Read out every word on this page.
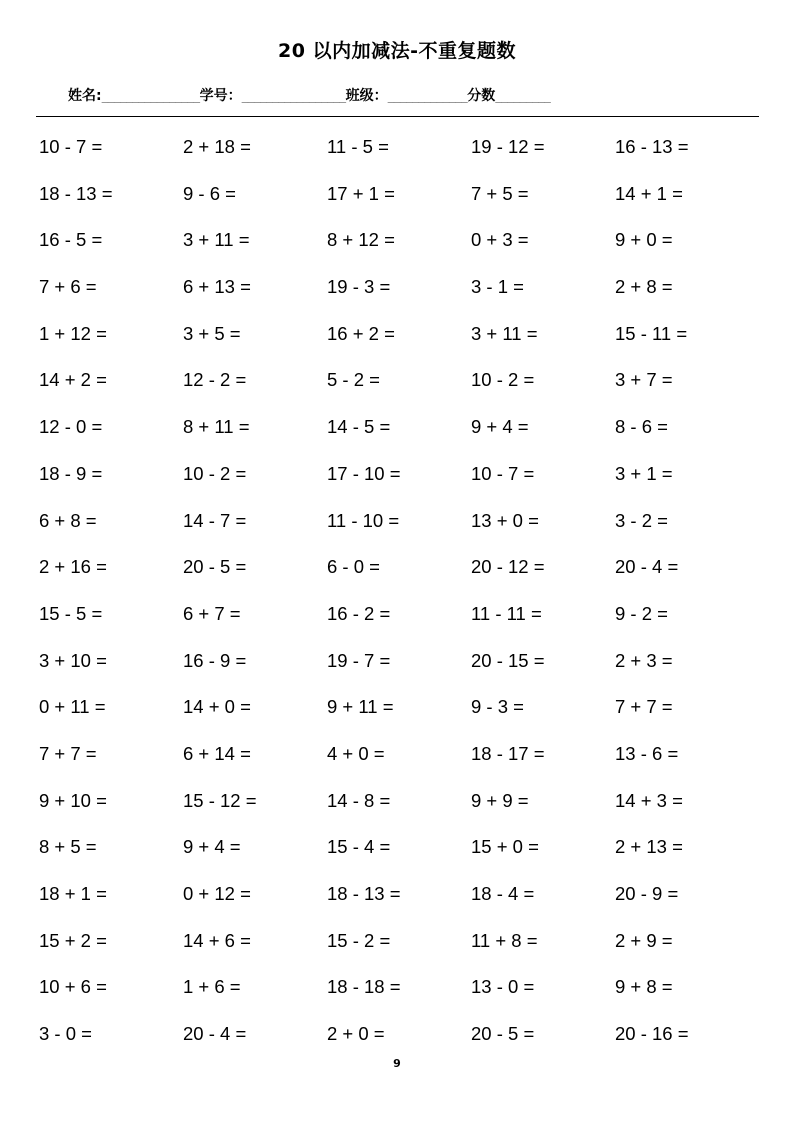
20 以内加减法-不重复题数
姓名:________________学号：_________________班级：_____________分数_________
10 - 7 =	2 + 18 =	11 - 5 =	19 - 12 =	16 - 13 =
18 - 13 =	9 - 6 =	17 + 1 =	7 + 5 =	14 + 1 =
16 - 5 =	3 + 11 =	8 + 12 =	0 + 3 =	9 + 0 =
7 + 6 =	6 + 13 =	19 - 3 =	3 - 1 =	2 + 8 =
1 + 12 =	3 + 5 =	16 + 2 =	3 + 11 =	15 - 11 =
14 + 2 =	12 - 2 =	5 - 2 =	10 - 2 =	3 + 7 =
12 - 0 =	8 + 11 =	14 - 5 =	9 + 4 =	8 - 6 =
18 - 9 =	10 - 2 =	17 - 10 =	10 - 7 =	3 + 1 =
6 + 8 =	14 - 7 =	11 - 10 =	13 + 0 =	3 - 2 =
2 + 16 =	20 - 5 =	6 - 0 =	20 - 12 =	20 - 4 =
15 - 5 =	6 + 7 =	16 - 2 =	11 - 11 =	9 - 2 =
3 + 10 =	16 - 9 =	19 - 7 =	20 - 15 =	2 + 3 =
0 + 11 =	14 + 0 =	9 + 11 =	9 - 3 =	7 + 7 =
7 + 7 =	6 + 14 =	4 + 0 =	18 - 17 =	13 - 6 =
9 + 10 =	15 - 12 =	14 - 8 =	9 + 9 =	14 + 3 =
8 + 5 =	9 + 4 =	15 - 4 =	15 + 0 =	2 + 13 =
18 + 1 =	0 + 12 =	18 - 13 =	18 - 4 =	20 - 9 =
15 + 2 =	14 + 6 =	15 - 2 =	11 + 8 =	2 + 9 =
10 + 6 =	1 + 6 =	18 - 18 =	13 - 0 =	9 + 8 =
3 - 0 =	20 - 4 =	2 + 0 =	20 - 5 =	20 - 16 =
9
